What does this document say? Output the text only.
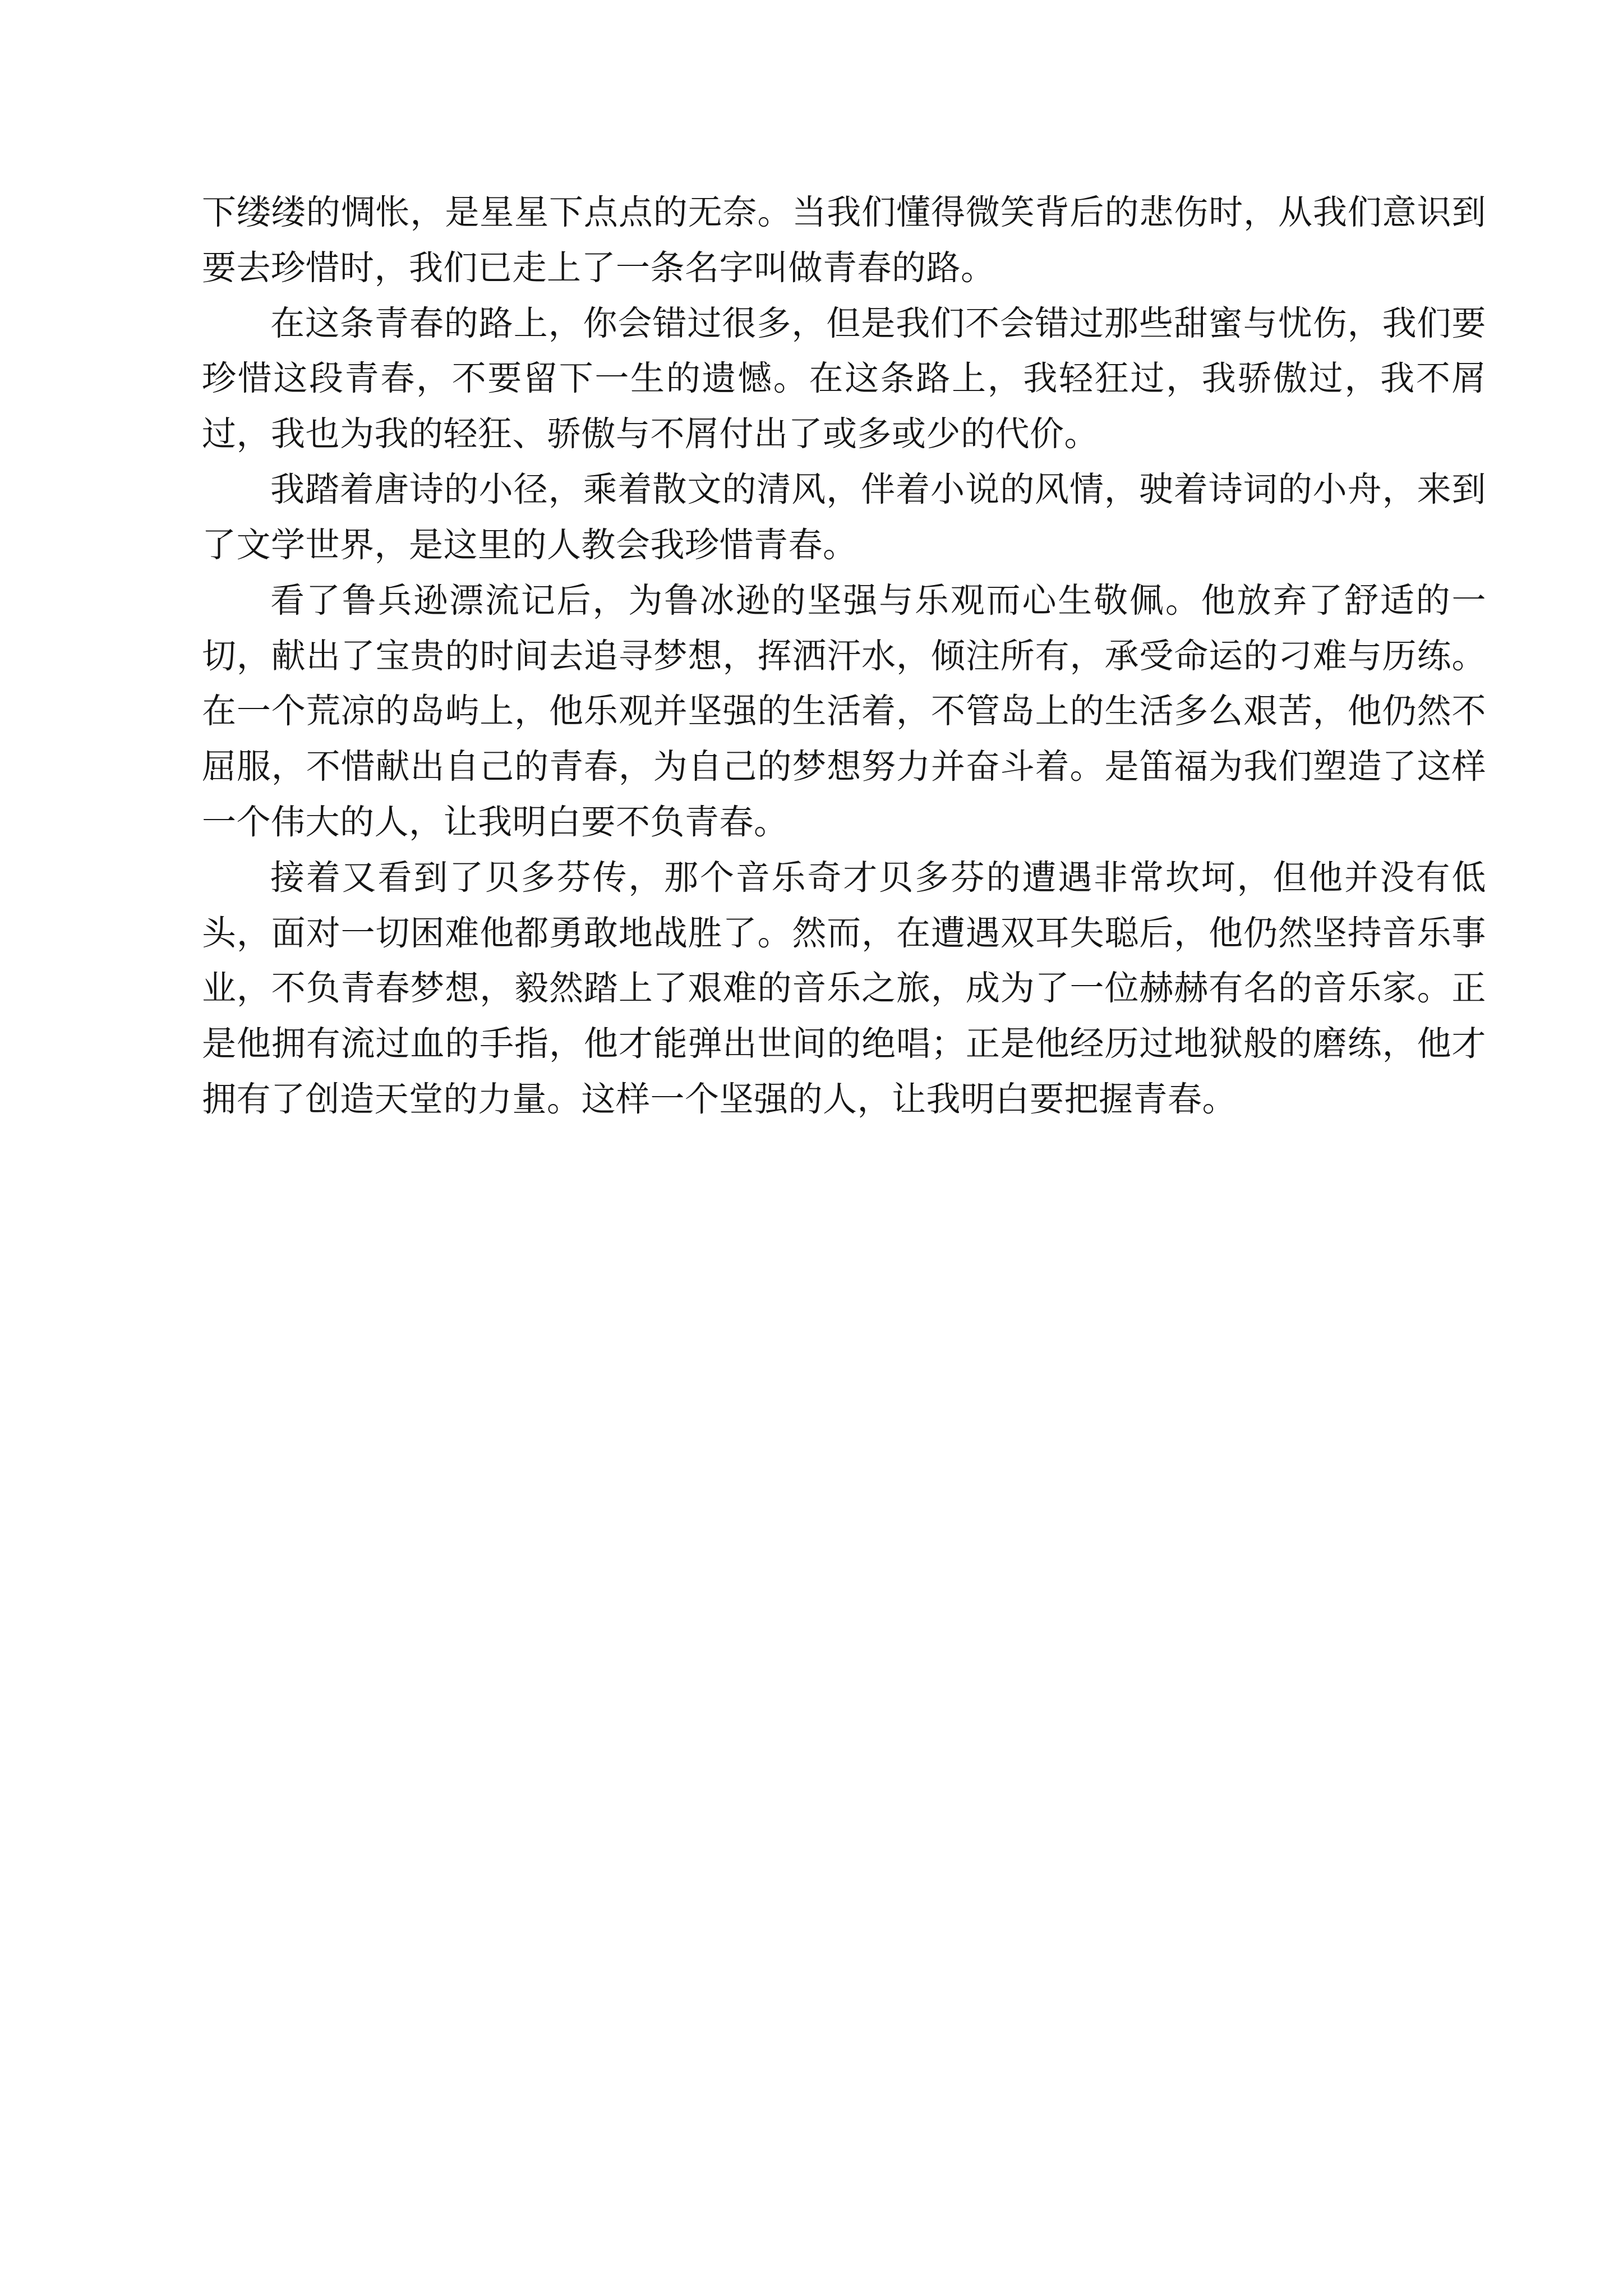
下缕缕的惆怅，是星星下点点的无奈。当我们懂得微笑背后的悲伤时，从我们意识到要去珍惜时，我们已走上了一条名字叫做青春的路。

在这条青春的路上，你会错过很多，但是我们不会错过那些甜蜜与忧伤，我们要珍惜这段青春，不要留下一生的遗憾。在这条路上，我轻狂过，我骄傲过，我不屑过，我也为我的轻狂、骄傲与不屑付出了或多或少的代价。

我踏着唐诗的小径，乘着散文的清风，伴着小说的风情，驶着诗词的小舟，来到了文学世界，是这里的人教会我珍惜青春。

看了鲁兵逊漂流记后，为鲁冰逊的坚强与乐观而心生敬佩。他放弃了舒适的一切，献出了宝贵的时间去追寻梦想，挥洒汗水，倾注所有，承受命运的刁难与历练。在一个荒凉的岛屿上，他乐观并坚强的生活着，不管岛上的生活多么艰苦，他仍然不屈服，不惜献出自己的青春，为自己的梦想努力并奋斗着。是笛福为我们塑造了这样一个伟大的人，让我明白要不负青春。

接着又看到了贝多芬传，那个音乐奇才贝多芬的遭遇非常坎坷，但他并没有低头，面对一切困难他都勇敢地战胜了。然而，在遭遇双耳失聪后，他仍然坚持音乐事业，不负青春梦想，毅然踏上了艰难的音乐之旅，成为了一位赫赫有名的音乐家。正是他拥有流过血的手指，他才能弹出世间的绝唱；正是他经历过地狱般的磨练，他才拥有了创造天堂的力量。这样一个坚强的人，让我明白要把握青春。
